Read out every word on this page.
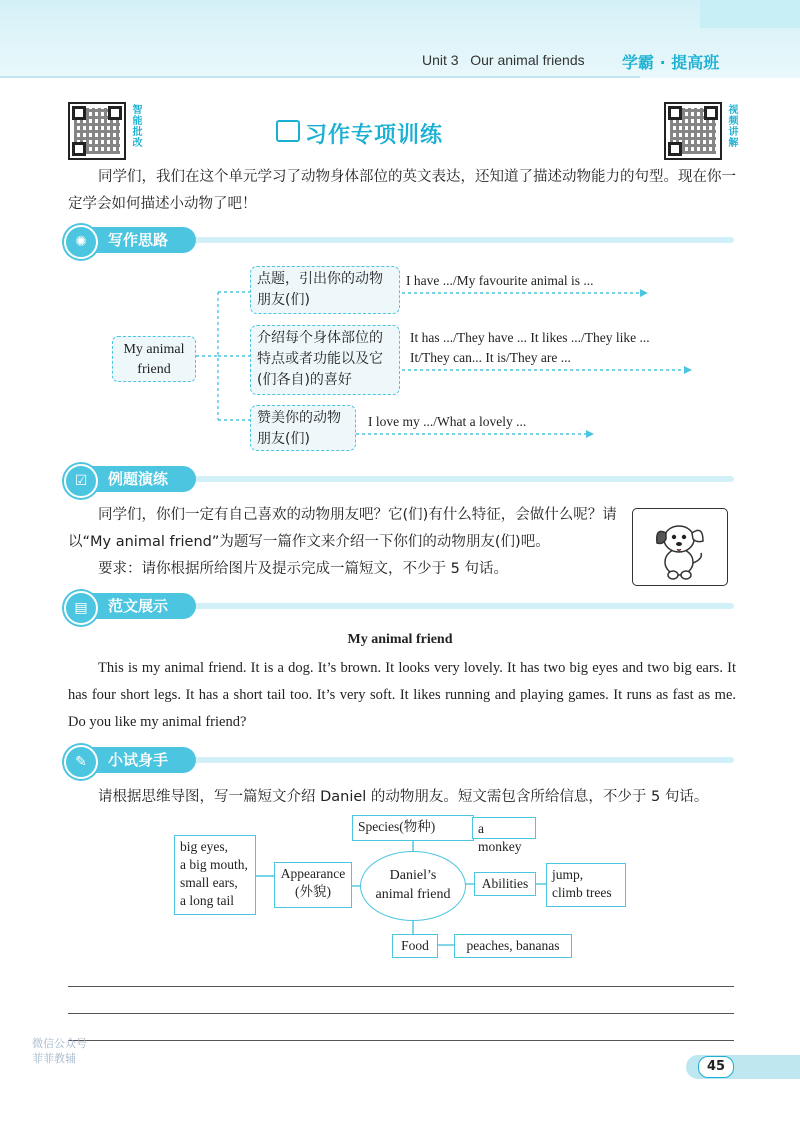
Unit 3   Our animal friends 学霸 · 提高班
智能批改	视频讲解
习作专项训练
同学们，我们在这个单元学习了动物身体部位的英文表达，还知道了描述动物能力的句型。现在你一定学会如何描述小动物了吧！
写作思路
✺
My animal
friend
点题，引出你的动物朋友(们)
I have .../My favourite animal is ...
介绍每个身体部位的特点或者功能以及它(们各自)的喜好
It has .../They have ... It likes .../They like ...
It/They can... It is/They are ...
赞美你的动物朋友(们)
I love my .../What a lovely ...
例题演练
☑
同学们，你们一定有自己喜欢的动物朋友吧？它(们)有什么特征，会做什么呢？请以“My animal friend”为题写一篇作文来介绍一下你们的动物朋友(们)吧。
要求：请你根据所给图片及提示完成一篇短文，不少于 5 句话。
范文展示
▤
My animal friend
This is my animal friend. It is a dog. It’s brown. It looks very lovely. It has two big eyes and two big ears. It has four short legs. It has a short tail too. It’s very soft. It likes running and playing games. It runs as fast as me. Do you like my animal friend?
小试身手
✎
请根据思维导图，写一篇短文介绍 Daniel 的动物朋友。短文需包含所给信息，不少于 5 句话。
Species(物种)	a monkey
big eyes,
a big mouth,
small ears,
a long tail
Appearance
(外貌)
Daniel’s
animal friend
Abilities
jump,
climb trees
Food	peaches, bananas
微信公众号
菲菲教辅
45
